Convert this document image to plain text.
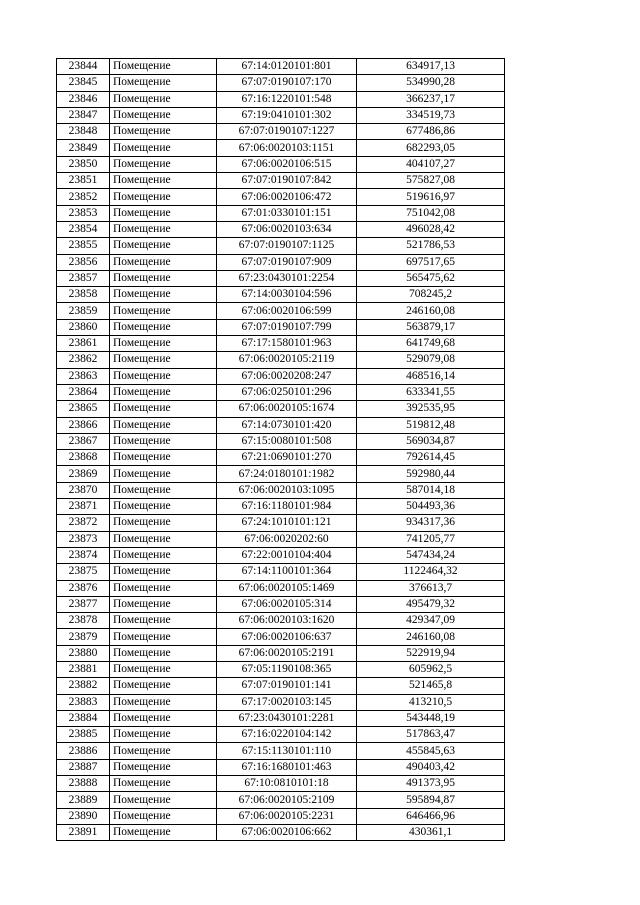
23844	Помещение	67:14:0120101:801	634917,13
23845	Помещение	67:07:0190107:170	534990,28
23846	Помещение	67:16:1220101:548	366237,17
23847	Помещение	67:19:0410101:302	334519,73
23848	Помещение	67:07:0190107:1227	677486,86
23849	Помещение	67:06:0020103:1151	682293,05
23850	Помещение	67:06:0020106:515	404107,27
23851	Помещение	67:07:0190107:842	575827,08
23852	Помещение	67:06:0020106:472	519616,97
23853	Помещение	67:01:0330101:151	751042,08
23854	Помещение	67:06:0020103:634	496028,42
23855	Помещение	67:07:0190107:1125	521786,53
23856	Помещение	67:07:0190107:909	697517,65
23857	Помещение	67:23:0430101:2254	565475,62
23858	Помещение	67:14:0030104:596	708245,2
23859	Помещение	67:06:0020106:599	246160,08
23860	Помещение	67:07:0190107:799	563879,17
23861	Помещение	67:17:1580101:963	641749,68
23862	Помещение	67:06:0020105:2119	529079,08
23863	Помещение	67:06:0020208:247	468516,14
23864	Помещение	67:06:0250101:296	633341,55
23865	Помещение	67:06:0020105:1674	392535,95
23866	Помещение	67:14:0730101:420	519812,48
23867	Помещение	67:15:0080101:508	569034,87
23868	Помещение	67:21:0690101:270	792614,45
23869	Помещение	67:24:0180101:1982	592980,44
23870	Помещение	67:06:0020103:1095	587014,18
23871	Помещение	67:16:1180101:984	504493,36
23872	Помещение	67:24:1010101:121	934317,36
23873	Помещение	67:06:0020202:60	741205,77
23874	Помещение	67:22:0010104:404	547434,24
23875	Помещение	67:14:1100101:364	1122464,32
23876	Помещение	67:06:0020105:1469	376613,7
23877	Помещение	67:06:0020105:314	495479,32
23878	Помещение	67:06:0020103:1620	429347,09
23879	Помещение	67:06:0020106:637	246160,08
23880	Помещение	67:06:0020105:2191	522919,94
23881	Помещение	67:05:1190108:365	605962,5
23882	Помещение	67:07:0190101:141	521465,8
23883	Помещение	67:17:0020103:145	413210,5
23884	Помещение	67:23:0430101:2281	543448,19
23885	Помещение	67:16:0220104:142	517863,47
23886	Помещение	67:15:1130101:110	455845,63
23887	Помещение	67:16:1680101:463	490403,42
23888	Помещение	67:10:0810101:18	491373,95
23889	Помещение	67:06:0020105:2109	595894,87
23890	Помещение	67:06:0020105:2231	646466,96
23891	Помещение	67:06:0020106:662	430361,1
